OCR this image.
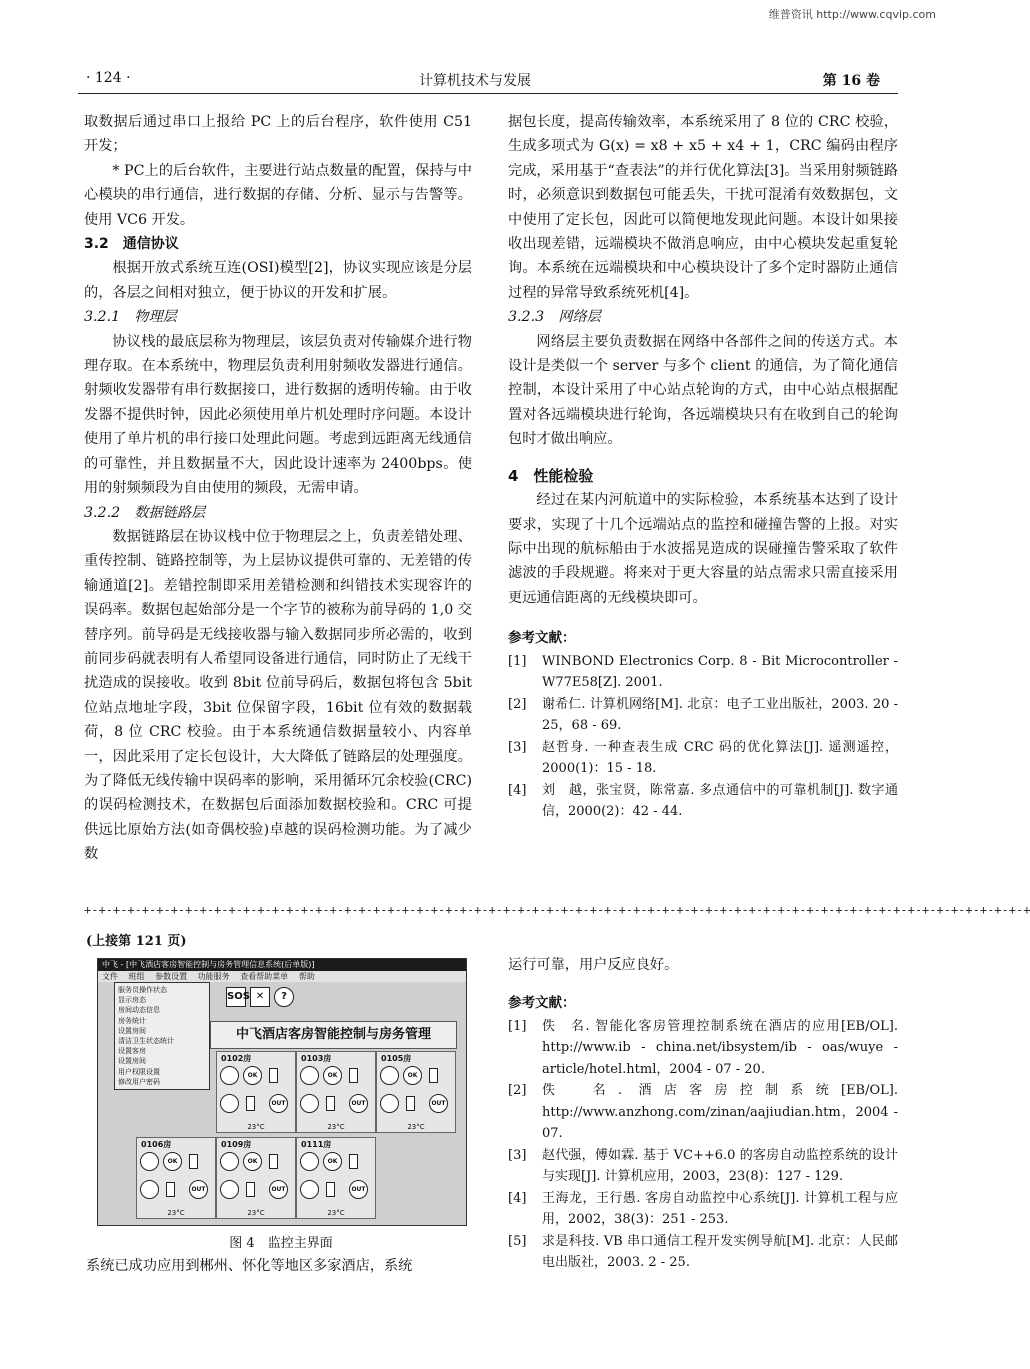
维普资讯 http://www.cqvip.com
· 124 ·	计算机技术与发展	第 16 卷

取数据后通过串口上报给 PC 上的后台程序，软件使用 C51 开发；

* PC上的后台软件，主要进行站点数量的配置，保持与中心模块的串行通信，进行数据的存储、分析、显示与告警等。使用 VC6 开发。

3.2　通信协议

根据开放式系统互连(OSI)模型[2]，协议实现应该是分层的，各层之间相对独立，便于协议的开发和扩展。

3.2.1　物理层

协议栈的最底层称为物理层，该层负责对传输媒介进行物理存取。在本系统中，物理层负责利用射频收发器进行通信。射频收发器带有串行数据接口，进行数据的透明传输。由于收发器不提供时钟，因此必须使用单片机处理时序问题。本设计使用了单片机的串行接口处理此问题。考虑到远距离无线通信的可靠性，并且数据量不大，因此设计速率为 2400bps。使用的射频频段为自由使用的频段，无需申请。

3.2.2　数据链路层

数据链路层在协议栈中位于物理层之上，负责差错处理、重传控制、链路控制等，为上层协议提供可靠的、无差错的传输通道[2]。差错控制即采用差错检测和纠错技术实现容许的误码率。数据包起始部分是一个字节的被称为前导码的 1,0 交替序列。前导码是无线接收器与输入数据同步所必需的，收到前同步码就表明有人希望同设备进行通信，同时防止了无线干扰造成的误接收。收到 8bit 位前导码后，数据包将包含 5bit 位站点地址字段，3bit 位保留字段，16bit 位有效的数据载荷，8 位 CRC 校验。由于本系统通信数据量较小、内容单一，因此采用了定长包设计，大大降低了链路层的处理强度。为了降低无线传输中误码率的影响，采用循环冗余校验(CRC)的误码检测技术，在数据包后面添加数据校验和。CRC 可提供远比原始方法(如奇偶校验)卓越的误码检测功能。为了减少数

据包长度，提高传输效率，本系统采用了 8 位的 CRC 校验，生成多项式为 G(x) = x8 + x5 + x4 + 1，CRC 编码由程序完成，采用基于“查表法”的并行优化算法[3]。当采用射频链路时，必须意识到数据包可能丢失，干扰可混淆有效数据包，文中使用了定长包，因此可以简便地发现此问题。本设计如果接收出现差错，远端模块不做消息响应，由中心模块发起重复轮询。本系统在远端模块和中心模块设计了多个定时器防止通信过程的异常导致系统死机[4]。

3.2.3　网络层

网络层主要负责数据在网络中各部件之间的传送方式。本设计是类似一个 server 与多个 client 的通信，为了简化通信控制，本设计采用了中心站点轮询的方式，由中心站点根据配置对各远端模块进行轮询，各远端模块只有在收到自己的轮询包时才做出响应。

4　性能检验

经过在某内河航道中的实际检验，本系统基本达到了设计要求，实现了十几个远端站点的监控和碰撞告警的上报。对实际中出现的航标船由于水波摇晃造成的误碰撞告警采取了软件滤波的手段规避。将来对于更大容量的站点需求只需直接采用更远通信距离的无线模块即可。

参考文献：

[1]	WINBOND Electronics Corp. 8 - Bit Microcontroller - W77E58[Z]. 2001.
[2]	谢希仁. 计算机网络[M]. 北京：电子工业出版社，2003. 20 - 25，68 - 69.
[3]	赵哲身. 一种查表生成 CRC 码的优化算法[J]. 遥测遥控，2000(1)：15 - 18.
[4]	刘　越，张宝贤，陈常嘉. 多点通信中的可靠机制[J]. 数字通信，2000(2)：42 - 44.
+-+-+-+-+-+-+-+-+-+-+-+-+-+-+-+-+-+-+-+-+-+-+-+-+-+-+-+-+-+-+-+-+-+-+-+-+-+-+-+-+-+-+-+-+-+-+-+-+-+-+-+-+-+-+-+-+-+-+-+-+-+-+-+-+-+
(上接第 121 页)
中飞 - [中飞酒店客房智能控制与房务管理信息系统(后单版)]
文件 班组 参数设置 功能服务 查看帮助菜单 帮助
SOS ✕	?
中飞酒店客房智能控制与房务管理
0102房
OK
OUT
23°C
0103房
OK
OUT
23°C
0105房
OK
OUT
23°C
0106房
OK
OUT
23°C
0109房
OK
OUT
23°C
0111房
OK
OUT
23°C
服务员操作状态
显示房态
房间动态信息
房务统计
设置房间
清洁卫生状态统计
设置客房
设置房间
用户权限设置
修改用户密码
图 4　监控主界面
系统已成功应用到郴州、怀化等地区多家酒店，系统

运行可靠，用户反应良好。

参考文献：

[1]	佚　名. 智能化客房管理控制系统在酒店的应用[EB/OL]. http://www.ib - china.net/ibsystem/ib - oas/wuye - article/hotel.html，2004 - 07 - 20.
[2]	佚　名. 酒店客房控制系统[EB/OL]. http://www.anzhong.com/zinan/aajiudian.htm，2004 - 07.
[3]	赵代强，傅如霖. 基于 VC++6.0 的客房自动监控系统的设计与实现[J]. 计算机应用，2003，23(8)：127 - 129.
[4]	王海龙，王行愚. 客房自动监控中心系统[J]. 计算机工程与应用，2002，38(3)：251 - 253.
[5]	求是科技. VB 串口通信工程开发实例导航[M]. 北京：人民邮电出版社，2003. 2 - 25.
